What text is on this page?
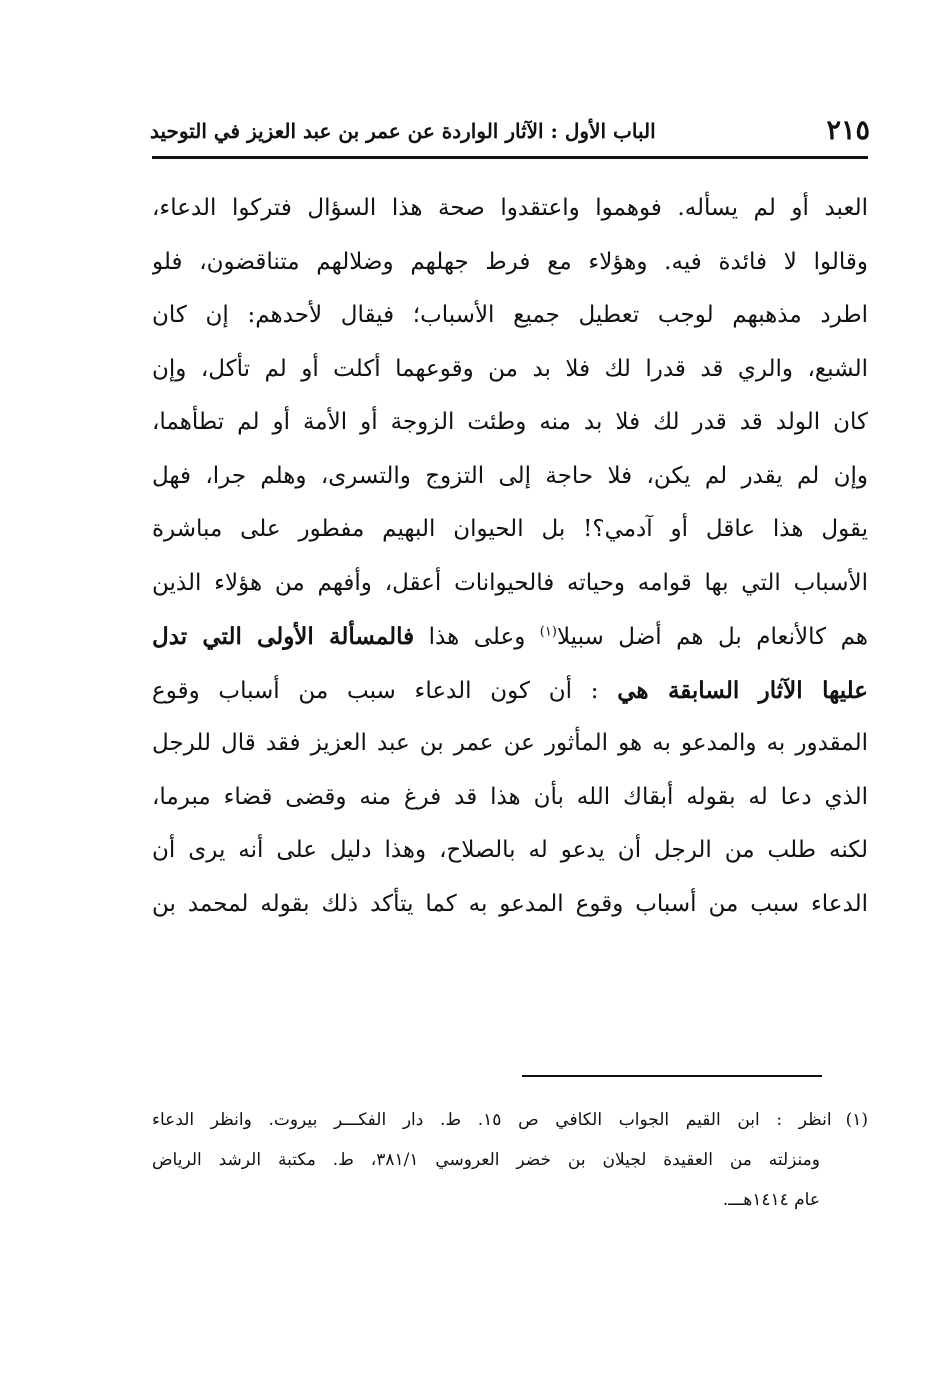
٢١٥
الباب الأول : الآثار الواردة عن عمر بن عبد العزيز في التوحيد
العبد أو لم يسأله. فوهموا واعتقدوا صحة هذا السؤال فتركوا الدعاء،
وقالوا لا فائدة فيه. وهؤلاء مع فرط جهلهم وضلالهم متناقضون، فلو
اطرد مذهبهم لوجب تعطيل جميع الأسباب؛ فيقال لأحدهم: إن كان
الشبع، والري قد قدرا لك فلا بد من وقوعهما أكلت أو لم تأكل، وإن
كان الولد قد قدر لك فلا بد منه وطئت الزوجة أو الأمة أو لم تطأهما،
وإن لم يقدر لم يكن، فلا حاجة إلى التزوج والتسرى، وهلم جرا، فهل
يقول هذا عاقل أو آدمي؟! بل الحيوان البهيم مفطور على مباشرة
الأسباب التي بها قوامه وحياته فالحيوانات أعقل، وأفهم من هؤلاء الذين
هم كالأنعام بل هم أضل سبيلا$^{(١)}$ وعلى هذا فالمسألة الأولى التي تدل
عليها الآثار السابقة هي : أن كون الدعاء سبب من أسباب وقوع
المقدور به والمدعو به هو المأثور عن عمر بن عبد العزيز فقد قال للرجل
الذي دعا له بقوله أبقاك الله بأن هذا قد فرغ منه وقضى قضاء مبرما،
لكنه طلب من الرجل أن يدعو له بالصلاح، وهذا دليل على أنه يرى أن
الدعاء سبب من أسباب وقوع المدعو به كما يتأكد ذلك بقوله لمحمد بن
(١)انظر : ابن القيم الجواب الكافي ص ١٥. ط. دار الفكـــر بيروت. وانظر الدعاء
ومنزلته من العقيدة لجيلان بن خضر العروسي ٣٨١/١، ط. مكتبة الرشد الرياض
عام ١٤١٤هـــ.
